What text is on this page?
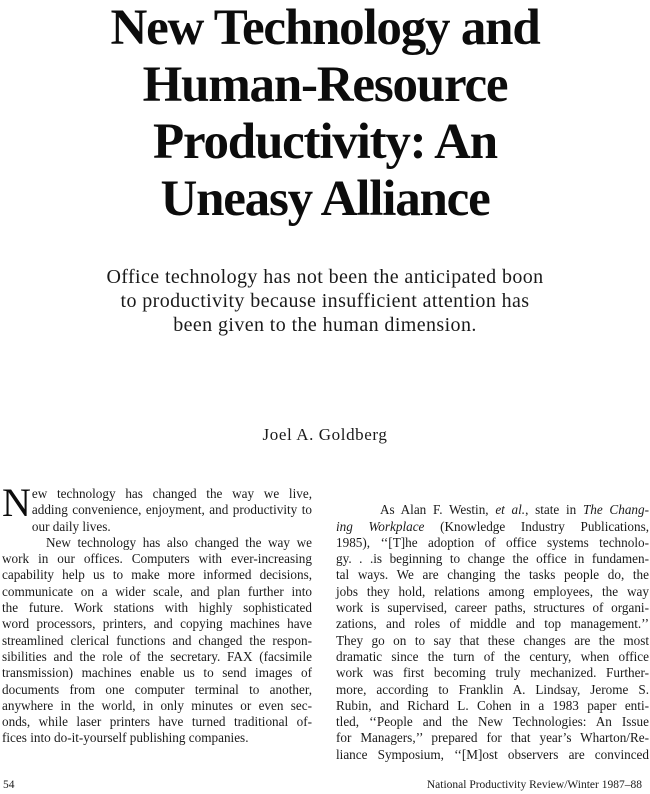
New Technology and
Human-Resource
Productivity: An
Uneasy Alliance

Office technology has not been the anticipated boon
to productivity because insufficient attention has
been given to the human dimension.

Joel A. Goldberg
N ew technology has changed the way we live,
adding convenience, enjoyment, and productivity to
our daily lives.
New technology has also changed the way we
work in our offices. Computers with ever-increasing
capability help us to make more informed decisions,
communicate on a wider scale, and plan further into
the future. Work stations with highly sophisticated
word processors, printers, and copying machines have
streamlined clerical functions and changed the respon-
sibilities and the role of the secretary. FAX (facsimile
transmission) machines enable us to send images of
documents from one computer terminal to another,
anywhere in the world, in only minutes or even sec-
onds, while laser printers have turned traditional of-
fices into do-it-yourself publishing companies.

As Alan F. Westin, et al., state in The Chang-
ing Workplace (Knowledge Industry Publications,
1985), ‘‘[T]he adoption of office systems technolo-
gy. . .is beginning to change the office in fundamen-
tal ways. We are changing the tasks people do, the
jobs they hold, relations among employees, the way
work is supervised, career paths, structures of organi-
zations, and roles of middle and top management.’’
They go on to say that these changes are the most
dramatic since the turn of the century, when office
work was first becoming truly mechanized. Further-
more, according to Franklin A. Lindsay, Jerome S.
Rubin, and Richard L. Cohen in a 1983 paper enti-
tled, ‘‘People and the New Technologies: An Issue
for Managers,’’ prepared for that year’s Wharton/Re-
liance Symposium, ‘‘[M]ost observers are convinced
54	National Productivity Review/Winter 1987–88
